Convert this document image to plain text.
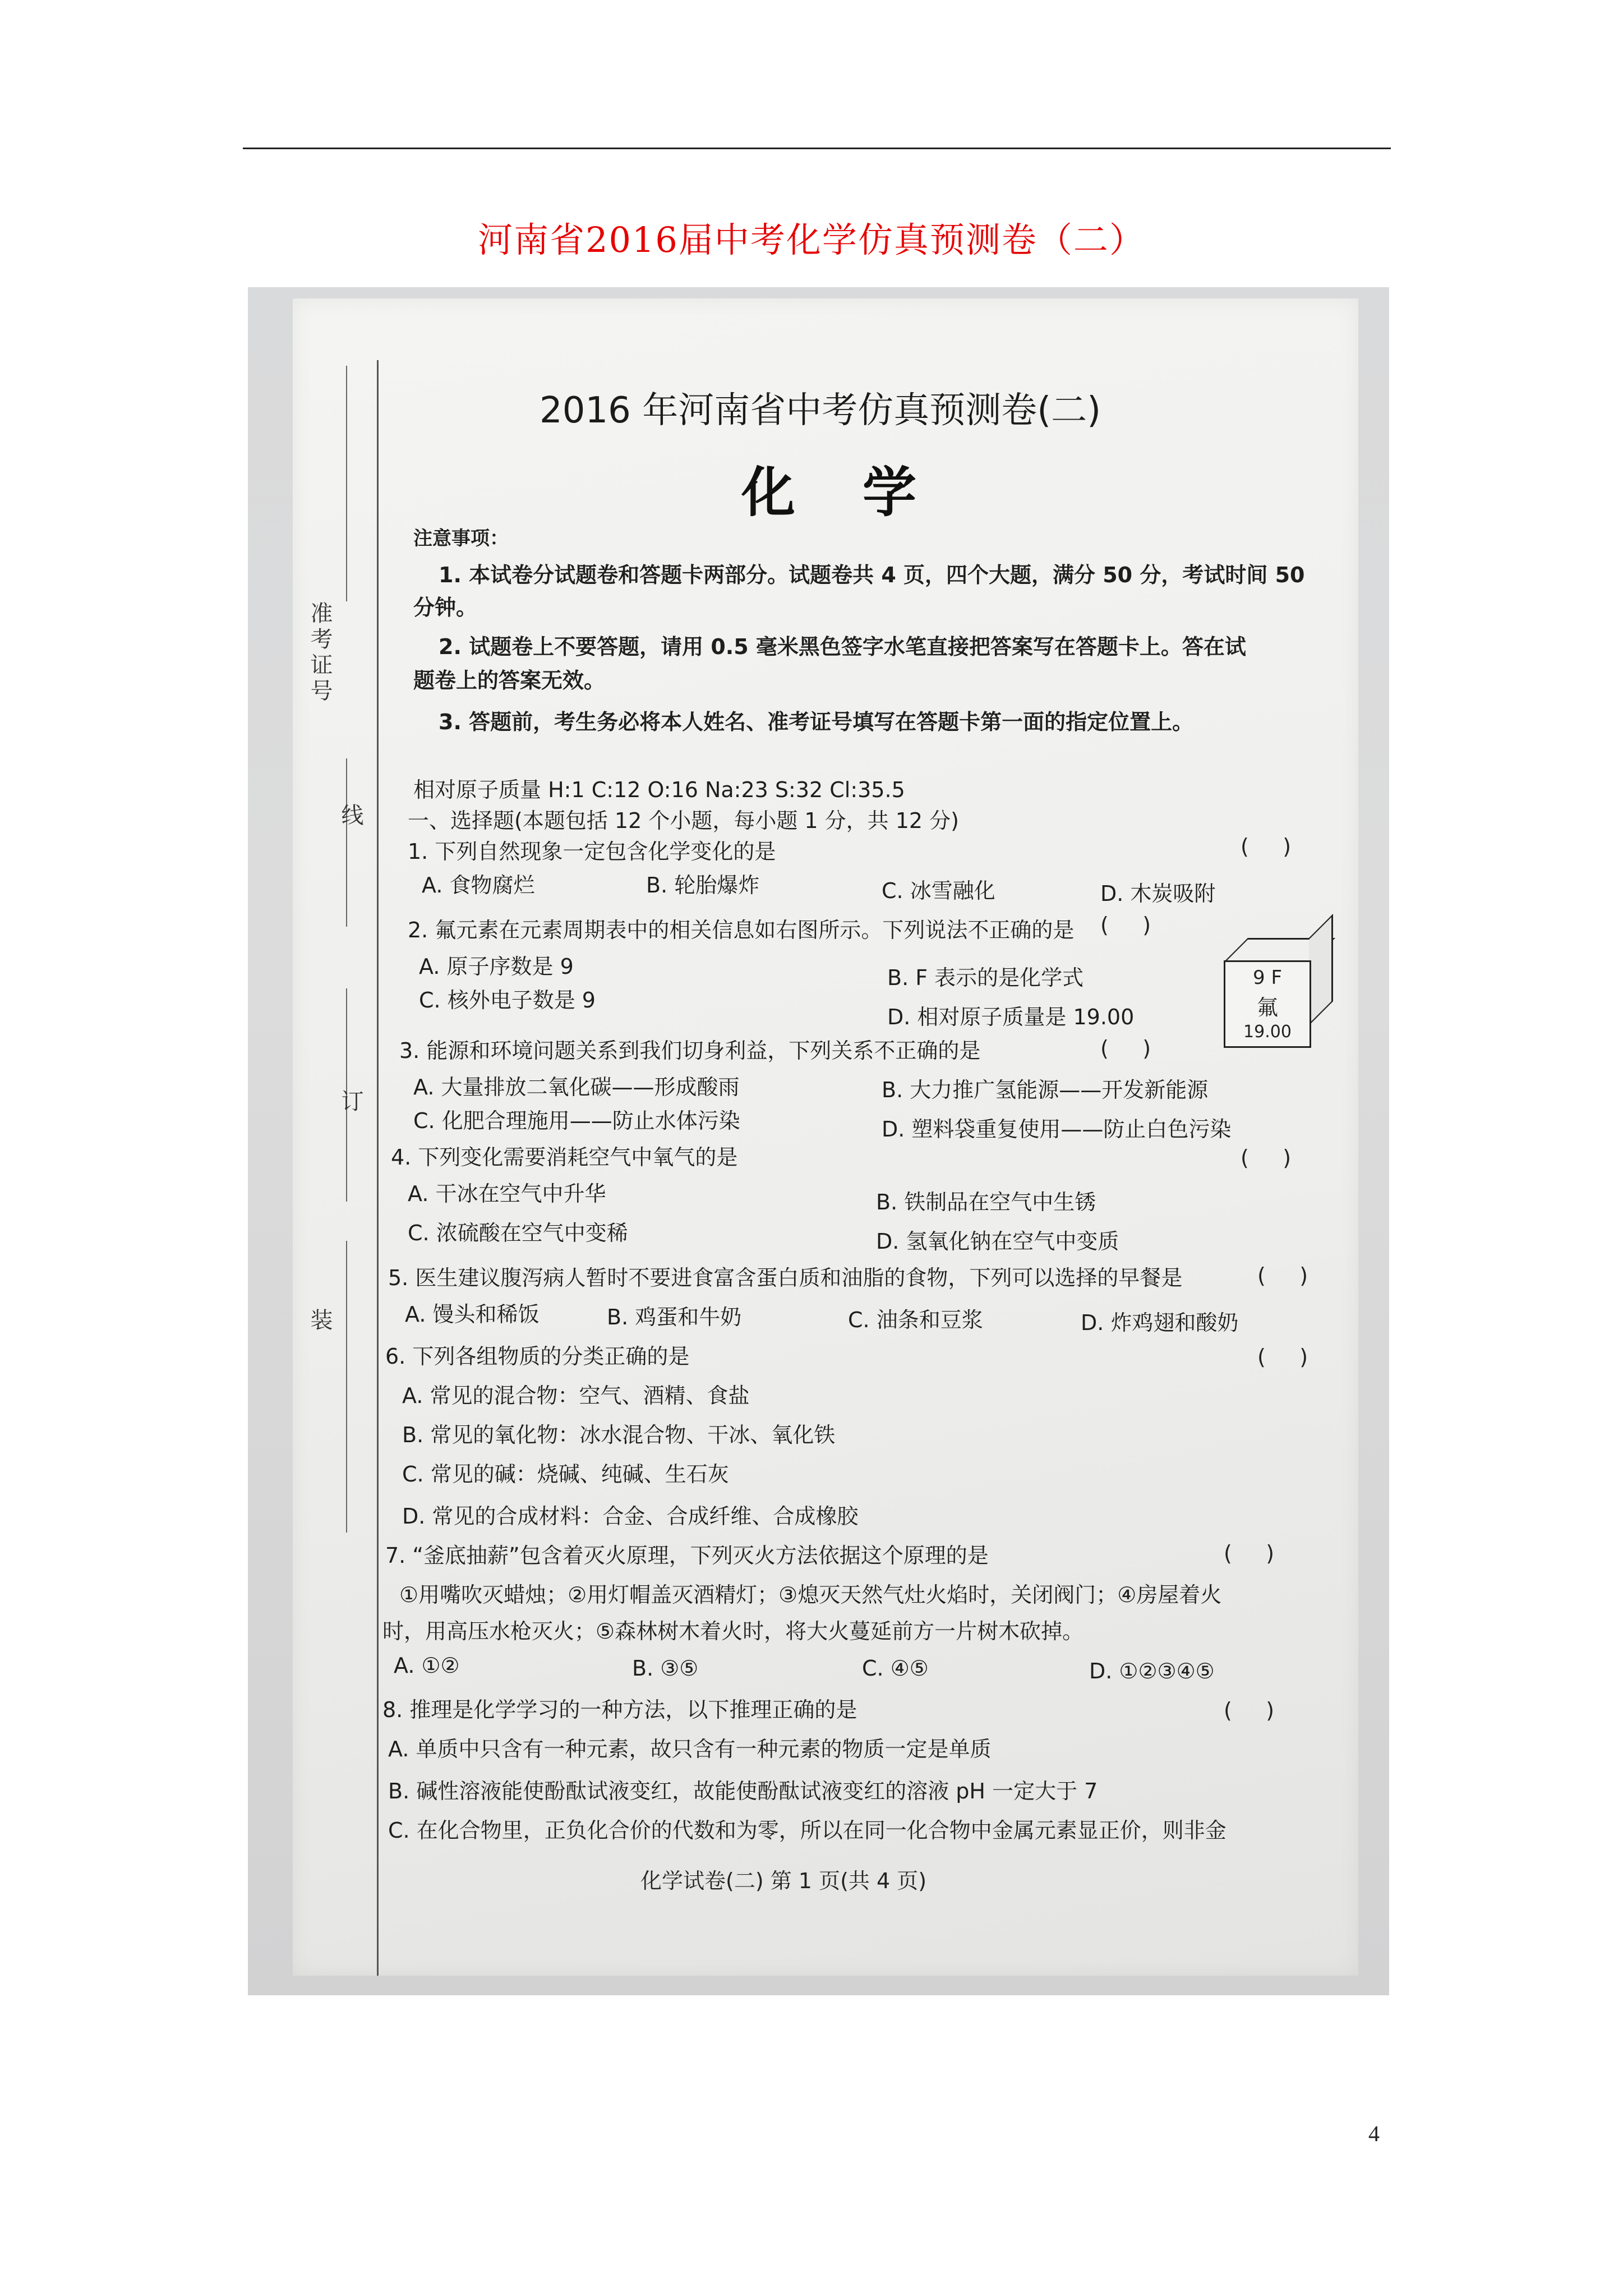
河南省2016届中考化学仿真预测卷（二）
准考证号
线
订
装
2016 年河南省中考仿真预测卷(二)
化学
注意事项：
1. 本试卷分试题卷和答题卡两部分。试题卷共 4 页，四个大题，满分 50 分，考试时间 50
分钟。
2. 试题卷上不要答题，请用 0.5 毫米黑色签字水笔直接把答案写在答题卡上。答在试
题卷上的答案无效。
3. 答题前，考生务必将本人姓名、准考证号填写在答题卡第一面的指定位置上。
相对原子质量 H:1 C:12 O:16 Na:23 S:32 Cl:35.5
一、选择题(本题包括 12 个小题，每小题 1 分，共 12 分)
1. 下列自然现象一定包含化学变化的是	(     )
A. 食物腐烂	B. 轮胎爆炸	C. 冰雪融化	D. 木炭吸附
2. 氟元素在元素周期表中的相关信息如右图所示。下列说法不正确的是 (     )
A. 原子序数是 9	B. F 表示的是化学式
C. 核外电子数是 9
D. 相对原子质量是 19.00
9 F
氟
19.00
3. 能源和环境问题关系到我们切身利益，下列关系不正确的是	(     )
A. 大量排放二氧化碳——形成酸雨	B. 大力推广氢能源——开发新能源
C. 化肥合理施用——防止水体污染	D. 塑料袋重复使用——防止白色污染
4. 下列变化需要消耗空气中氧气的是	(     )
A. 干冰在空气中升华	B. 铁制品在空气中生锈
C. 浓硫酸在空气中变稀	D. 氢氧化钠在空气中变质
5. 医生建议腹泻病人暂时不要进食富含蛋白质和油脂的食物，下列可以选择的早餐是	(     )
A. 馒头和稀饭	B. 鸡蛋和牛奶	C. 油条和豆浆	D. 炸鸡翅和酸奶
6. 下列各组物质的分类正确的是	(     )
A. 常见的混合物：空气、酒精、食盐
B. 常见的氧化物：冰水混合物、干冰、氧化铁
C. 常见的碱：烧碱、纯碱、生石灰
D. 常见的合成材料：合金、合成纤维、合成橡胶
7. “釜底抽薪”包含着灭火原理，下列灭火方法依据这个原理的是	(     )
①用嘴吹灭蜡烛；②用灯帽盖灭酒精灯；③熄灭天然气灶火焰时，关闭阀门；④房屋着火
时，用高压水枪灭火；⑤森林树木着火时，将大火蔓延前方一片树木砍掉。
A. ①②	B. ③⑤	C. ④⑤	D. ①②③④⑤
8. 推理是化学学习的一种方法，以下推理正确的是	(     )
A. 单质中只含有一种元素，故只含有一种元素的物质一定是单质
B. 碱性溶液能使酚酞试液变红，故能使酚酞试液变红的溶液 pH 一定大于 7
C. 在化合物里，正负化合价的代数和为零，所以在同一化合物中金属元素显正价，则非金
化学试卷(二) 第 1 页(共 4 页)
4
